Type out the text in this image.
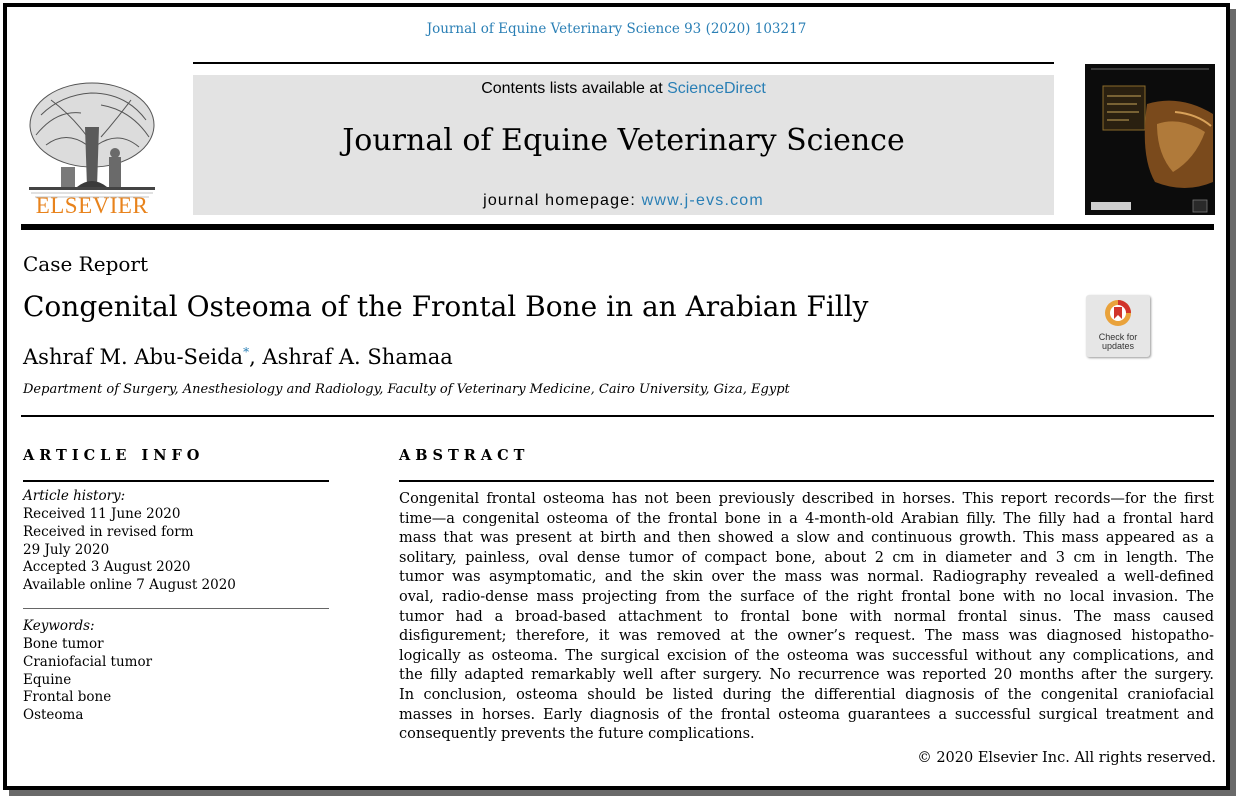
Journal of Equine Veterinary Science 93 (2020) 103217
ELSEVIER
Contents lists available at ScienceDirect
Journal of Equine Veterinary Science
journal homepage: www.j-evs.com
Case Report
Congenital Osteoma of the Frontal Bone in an Arabian Filly
Ashraf M. Abu-Seida*, Ashraf A. Shamaa
Department of Surgery, Anesthesiology and Radiology, Faculty of Veterinary Medicine, Cairo University, Giza, Egypt
Check for
updates
ARTICLE INFO
Article history:
Received 11 June 2020
Received in revised form
29 July 2020
Accepted 3 August 2020
Available online 7 August 2020
Keywords:
Bone tumor
Craniofacial tumor
Equine
Frontal bone
Osteoma
ABSTRACT
Congenital frontal osteoma has not been previously described in horses. This report records—for the first
time—a congenital osteoma of the frontal bone in a 4-month-old Arabian filly. The filly had a frontal hard
mass that was present at birth and then showed a slow and continuous growth. This mass appeared as a
solitary, painless, oval dense tumor of compact bone, about 2 cm in diameter and 3 cm in length. The
tumor was asymptomatic, and the skin over the mass was normal. Radiography revealed a well-defined
oval, radio-dense mass projecting from the surface of the right frontal bone with no local invasion. The
tumor had a broad-based attachment to frontal bone with normal frontal sinus. The mass caused
disfigurement; therefore, it was removed at the owner’s request. The mass was diagnosed histopatho-
logically as osteoma. The surgical excision of the osteoma was successful without any complications, and
the filly adapted remarkably well after surgery. No recurrence was reported 20 months after the surgery.
In conclusion, osteoma should be listed during the differential diagnosis of the congenital craniofacial
masses in horses. Early diagnosis of the frontal osteoma guarantees a successful surgical treatment and
consequently prevents the future complications.
© 2020 Elsevier Inc. All rights reserved.
